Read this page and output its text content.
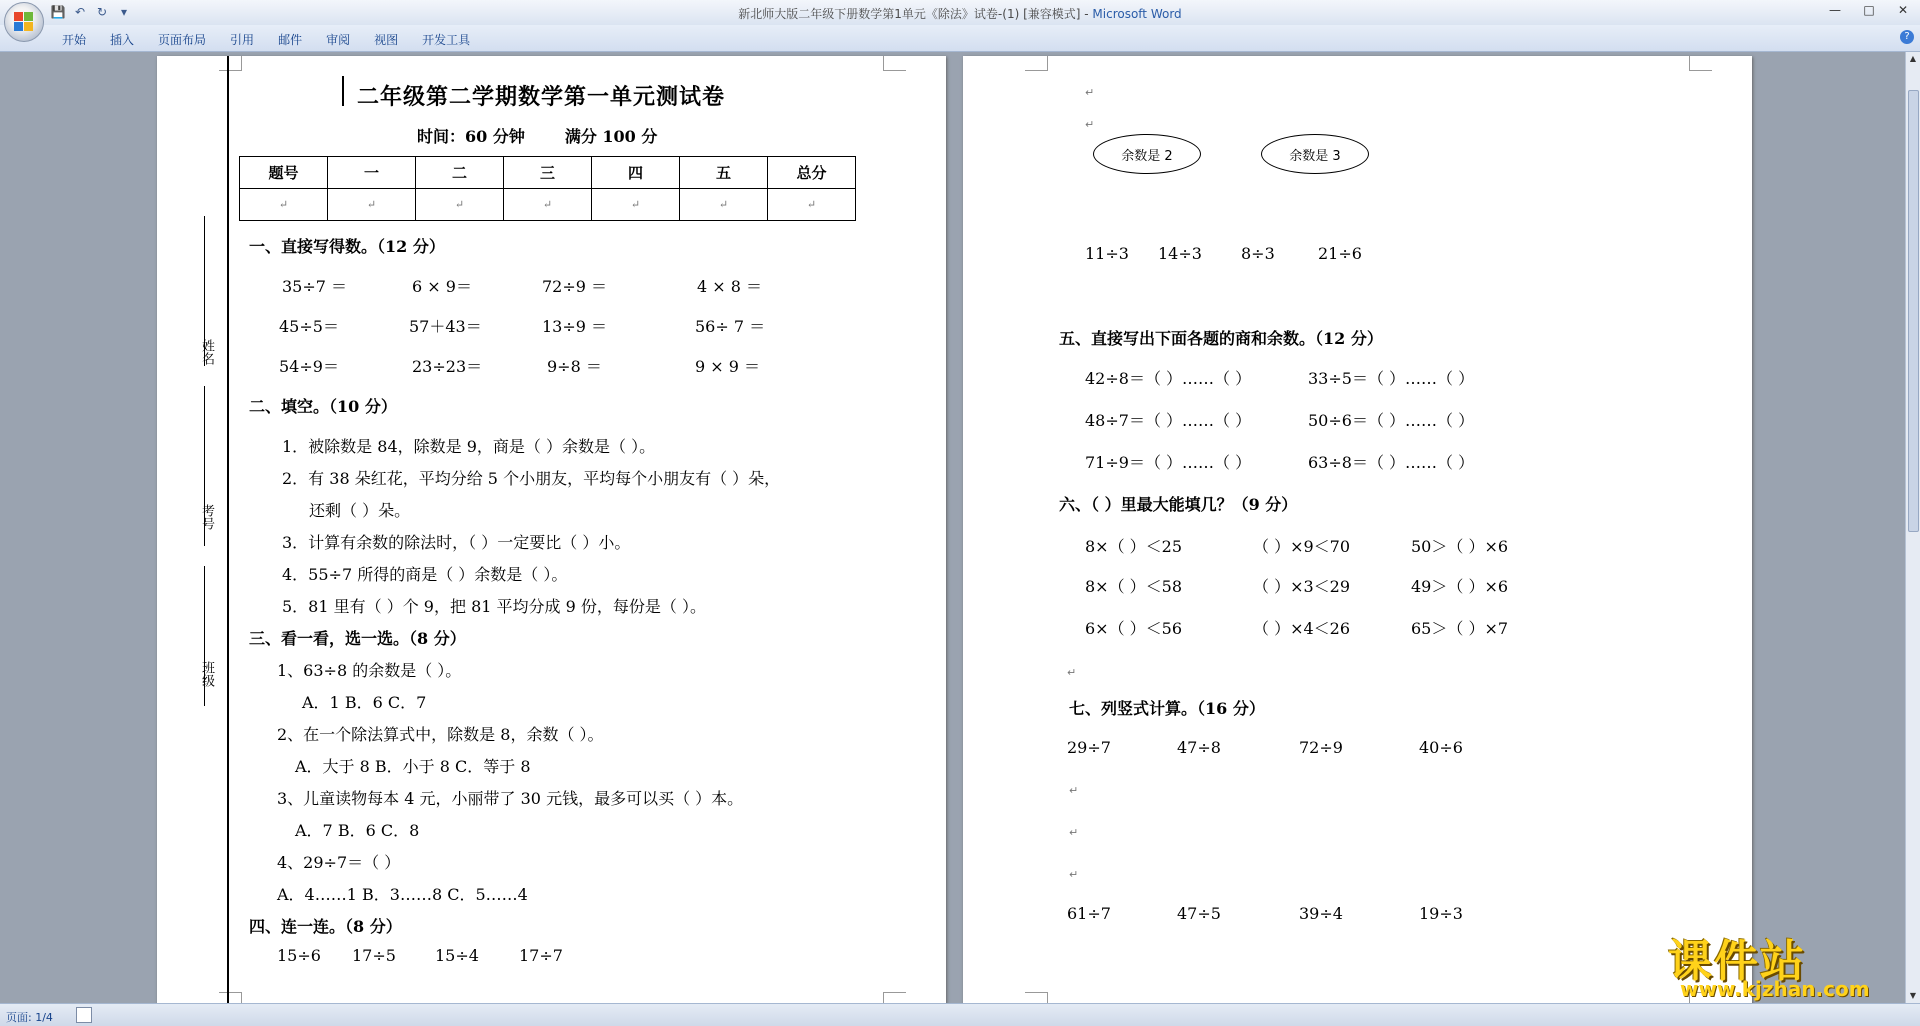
💾 ↶ ↻	▾	新北师大版二年级下册数学第1单元《除法》试卷-(1) [兼容模式] - Microsoft Word	—	□	✕
开始	插入	页面布局	引用	邮件	审阅	视图	开发工具	?
姓名
考号
班级
二年级第二学期数学第一单元测试卷
时间：60 分钟	满分 100 分
题号	一	二	三	四	五	总分
↵	↵	↵	↵	↵	↵	↵
一、直接写得数。（12 分）
35÷7 ＝	6 × 9＝	72÷9 ＝	4 × 8 ＝
45÷5＝	57＋43＝	13÷9 ＝	56÷ 7 ＝
54÷9＝	23÷23＝	9÷8 ＝	9 × 9 ＝
二、填空。（10 分）
1．被除数是 84，除数是 9，商是（ ）余数是（ ）。
2．有 38 朵红花，平均分给 5 个小朋友，平均每个小朋友有（ ）朵，
还剩（ ）朵。
3．计算有余数的除法时，（ ）一定要比（ ）小。
4．55÷7 所得的商是（ ）余数是（ ）。
5．81 里有（ ）个 9，把 81 平均分成 9 份，每份是（ ）。
三、看一看，选一选。（8 分）
1、63÷8 的余数是（ ）。
A．1 B．6 C．7
2、在一个除法算式中，除数是 8，余数（ ）。
A．大于 8 B．小于 8 C．等于 8
3、儿童读物每本 4 元，小丽带了 30 元钱，最多可以买（ ）本。
A．7 B．6 C．8
4、29÷7＝（ ）
A．4……1 B．3……8 C．5……4
四、连一连。（8 分）
15÷6 17÷5 15÷4	17÷7
↵
↵
余数是 2	余数是 3
11÷3 14÷3 8÷3	21÷6
五、直接写出下面各题的商和余数。（12 分）
42÷8＝（ ）……（ ）	33÷5＝（ ）……（ ）
48÷7＝（ ）……（ ）	50÷6＝（ ）……（ ）
71÷9＝（ ）……（ ）	63÷8＝（ ）……（ ）
六、（ ）里最大能填几？（9 分）
8×（ ）＜25	（ ）×9＜70	50＞（ ）×6
8×（ ）＜58	（ ）×3＜29	49＞（ ）×6
6×（ ）＜56	（ ）×4＜26	65＞（ ）×7
↵
七、列竖式计算。（16 分）
29÷7	47÷8	72÷9	40÷6
↵
↵
↵
61÷7	47÷5	39÷4	19÷3
▲
▼
页面: 1/4
课件站
www.kjzhan.com
